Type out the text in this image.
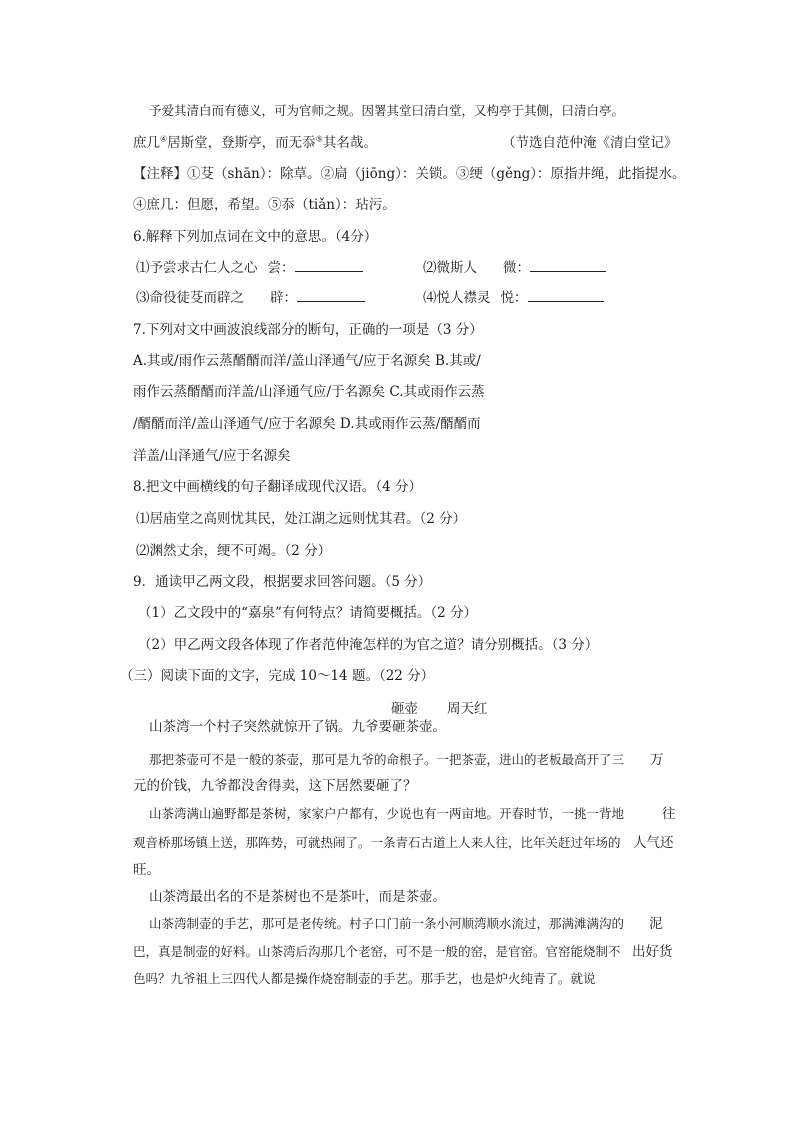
予爱其清白而有德义，可为官师之规。因署其堂曰清白堂，又构亭于其侧，曰清白亭。
庶几④居斯堂，登斯亭，而无忝⑤其名哉。	（节选自范仲淹《清白堂记》
【注释】①芟（shān）：除草。②扃（jiōng）：关锁。③绠（gěng）：原指井绳，此指提水。
④庶几：但愿，希望。⑤忝（tiǎn）：玷污。
6.解释下列加点词在文中的意思。（4分）
⑴予尝求古仁人之心 尝：	⑵微斯人 微：
⑶命役徒芟而辟之 辟：	⑷悦人襟灵 悦：
7.下列对文中画波浪线部分的断句，正确的一项是（3 分）
A.其或/雨作云蒸醑醑而洋/盖山泽通气/应于名源矣 B.其或/
雨作云蒸醑醑而洋盖/山泽通气应/于名源矣 C.其或雨作云蒸
/醑醑而洋/盖山泽通气/应于名源矣 D.其或雨作云蒸/醑醑而
洋盖/山泽通气/应于名源矣
8.把文中画横线的句子翻译成现代汉语。（4 分）
⑴居庙堂之高则忧其民，处江湖之远则忧其君。（2 分）
⑵渊然丈余，绠不可竭。（2 分）
9．通读甲乙两文段，根据要求回答问题。（5 分）
（1）乙文段中的“嘉泉”有何特点？请简要概括。（2 分）
（2）甲乙两文段各体现了作者范仲淹怎样的为官之道？请分别概括。（3 分）
（三）阅读下面的文字，完成 10～14 题。（22 分）
砸壶 周天红
山茶湾一个村子突然就惊开了锅。九爷要砸茶壶。
那把茶壶可不是一般的茶壶，那可是九爷的命根子。一把茶壶，进山的老板最高开了三 万
元的价钱，九爷都没舍得卖，这下居然要砸了？
山茶湾满山遍野都是茶树，家家户户都有，少说也有一两亩地。开春时节，一挑一背地	往
观音桥那场镇上送，那阵势，可就热闹了。一条青石古道上人来人往，比年关赶过年场的 人气还
旺。
山茶湾最出名的不是茶树也不是茶叶，而是茶壶。
山茶湾制壶的手艺，那可是老传统。村子口门前一条小河顺湾顺水流过，那满滩满沟的 泥
巴，真是制壶的好料。山茶湾后沟那几个老窑，可不是一般的窑，是官窑。官窑能烧制不 出好货
色吗？九爷祖上三四代人都是操作烧窑制壶的手艺。那手艺，也是炉火纯青了。就说
